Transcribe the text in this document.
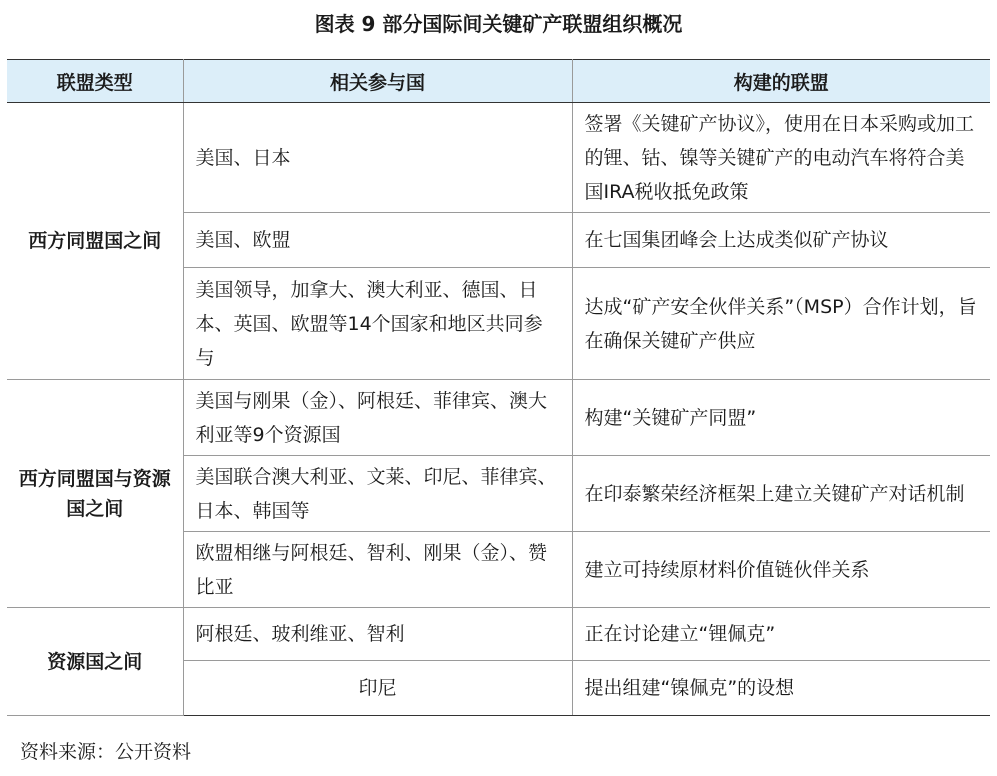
图表 9 部分国际间关键矿产联盟组织概况
联盟类型	相关参与国	构建的联盟
西方同盟国之间	美国、日本	签署《关键矿产协议》，使用在日本采购或加工的锂、钴、镍等关键矿产的电动汽车将符合美国IRA税收抵免政策
	美国、欧盟	在七国集团峰会上达成类似矿产协议
	美国领导，加拿大、澳大利亚、德国、日本、英国、欧盟等14个国家和地区共同参与	达成“矿产安全伙伴关系”（MSP）合作计划，旨在确保关键矿产供应
西方同盟国与资源国之间	美国与刚果（金）、阿根廷、菲律宾、澳大利亚等9个资源国	构建“关键矿产同盟”
	美国联合澳大利亚、文莱、印尼、菲律宾、日本、韩国等	在印泰繁荣经济框架上建立关键矿产对话机制
	欧盟相继与阿根廷、智利、刚果（金）、赞比亚	建立可持续原材料价值链伙伴关系
资源国之间	阿根廷、玻利维亚、智利	正在讨论建立“锂佩克”
	印尼	提出组建“镍佩克”的设想
资料来源：公开资料
